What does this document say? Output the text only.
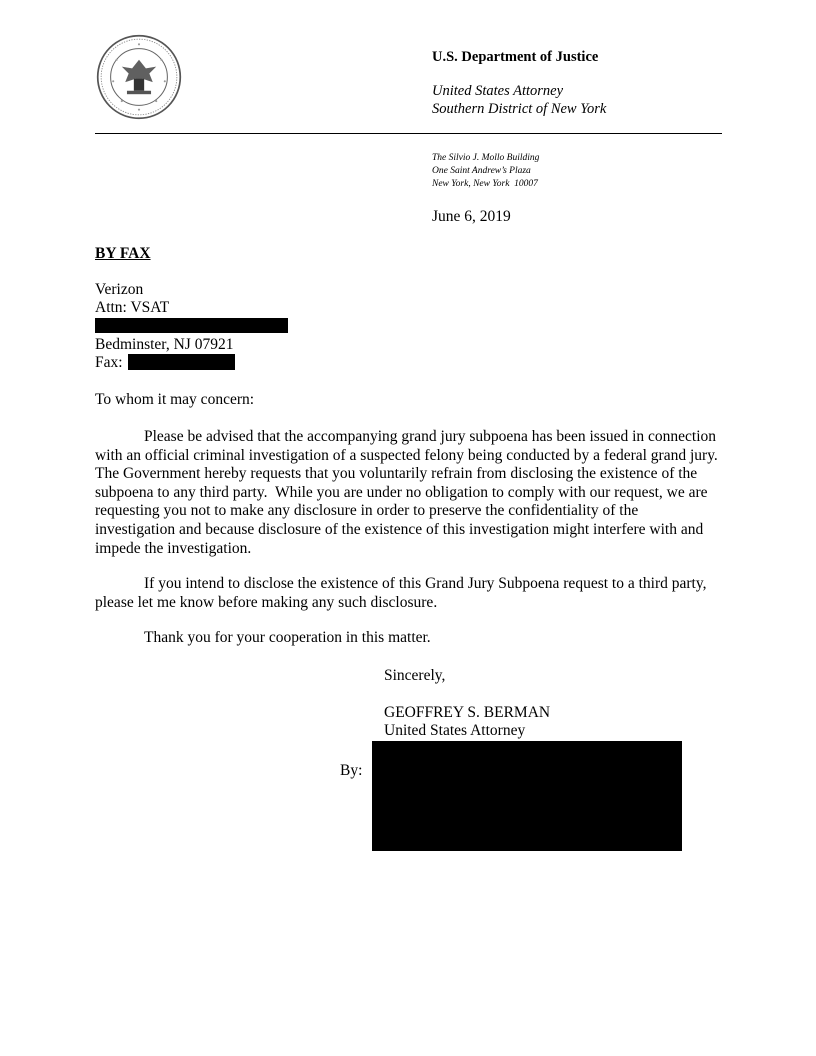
U.S. Department of Justice
United States Attorney
Southern District of New York
The Silvio J. Mollo Building
One Saint Andrew’s Plaza
New York, New York  10007
June 6, 2019
BY FAX
Verizon
Attn: VSAT
Bedminster, NJ 07921
Fax:
To whom it may concern:
Please be advised that the accompanying grand jury subpoena has been issued in connection with an official criminal investigation of a suspected felony being conducted by a federal grand jury.  The Government hereby requests that you voluntarily refrain from disclosing the existence of the subpoena to any third party.  While you are under no obligation to comply with our request, we are requesting you not to make any disclosure in order to preserve the confidentiality of the investigation and because disclosure of the existence of this investigation might interfere with and impede the investigation.
If you intend to disclose the existence of this Grand Jury Subpoena request to a third party, please let me know before making any such disclosure.
Thank you for your cooperation in this matter.
Sincerely,
GEOFFREY S. BERMAN
United States Attorney
By:
